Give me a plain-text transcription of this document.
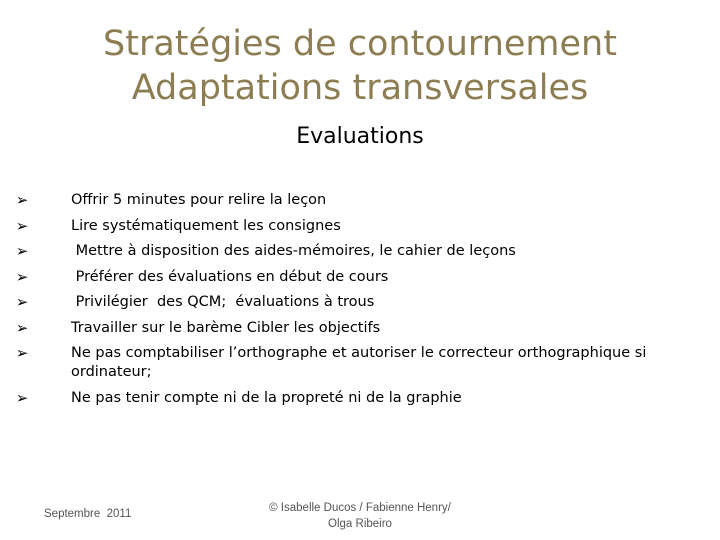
Stratégies de contournement
Adaptations transversales
Evaluations
➢	Offrir 5 minutes pour relire la leçon
➢	Lire systématiquement les consignes
➢	Mettre à disposition des aides-mémoires, le cahier de leçons
➢	Préférer des évaluations en début de cours
➢	Privilégier  des QCM;  évaluations à trous
➢	Travailler sur le barème Cibler les objectifs
➢	Ne pas comptabiliser l’orthographe et autoriser le correcteur orthographique si ordinateur;
➢	Ne pas tenir compte ni de la propreté ni de la graphie
Septembre  2011	© Isabelle Ducos / Fabienne Henry/
Olga Ribeiro
